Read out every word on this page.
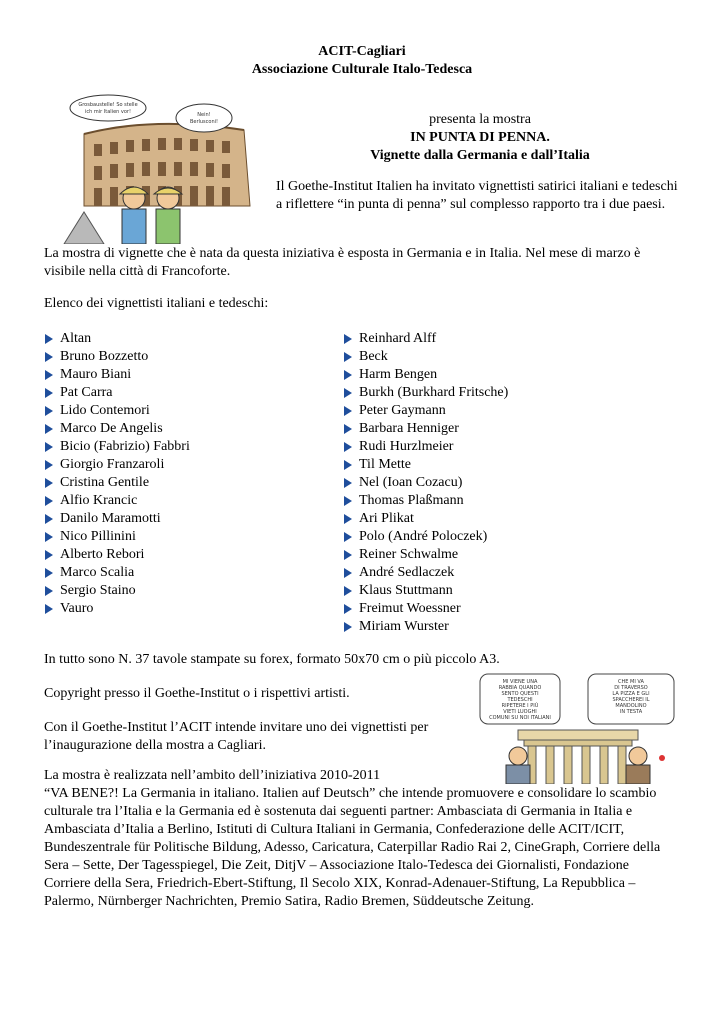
ACIT-Cagliari
Associazione Culturale Italo-Tedesca
Grosbaustelle! So stelle
ich mir Italien vor!	Nein!
Berlusconi!	presenta la mostra
IN PUNTA DI PENNA.
Vignette dalla Germania e dall’Italia

Il Goethe-Institut Italien ha invitato vignettisti satirici italiani e tedeschi a riflettere “in punta di penna” sul complesso rapporto tra i due paesi.

La mostra di vignette che è nata da questa iniziativa è esposta in Germania e in Italia. Nel mese di marzo è visibile nella città di Francoforte.

Elenco dei vignettisti italiani e tedeschi:

Altan
Bruno Bozzetto
Mauro Biani
Pat Carra
Lido Contemori
Marco De Angelis
Bicio (Fabrizio) Fabbri
Giorgio Franzaroli
Cristina Gentile
Alfio Krancic
Danilo Maramotti
Nico Pillinini
Alberto Rebori
Marco Scalia
Sergio Staino
Vauro
Reinhard Alff
Beck
Harm Bengen
Burkh (Burkhard Fritsche)
Peter Gaymann
Barbara Henniger
Rudi Hurzlmeier
Til Mette
Nel (Ioan Cozacu)
Thomas Plaßmann
Ari Plikat
Polo (André Poloczek)
Reiner Schwalme
André Sedlaczek
Klaus Stuttmann
Freimut Woessner
Miriam Wurster

In tutto sono N. 37 tavole stampate su forex, formato 50x70 cm o più piccolo A3.

Copyright presso il Goethe-Institut o i rispettivi artisti.

Con il Goethe-Institut l’ACIT intende invitare uno dei vignettisti per l’inaugurazione della mostra a Cagliari.

MI VIENE UNA
RABBIA QUANDO
SENTO QUESTI
TEDESCHI
RIPETERE I PIÙ
VIETI LUOGHI
COMUNI SU NOI ITALIANI
CHE MI VA
DI TRAVERSO
LA PIZZA E GLI
SPACCHEREI IL
MANDOLINO
IN TESTA

La mostra è realizzata nell’ambito dell’iniziativa 2010-2011

“VA BENE?! La Germania in italiano. Italien auf Deutsch” che intende promuovere e consolidare lo scambio culturale tra l’Italia e la Germania ed è sostenuta dai seguenti partner: Ambasciata di Germania in Italia e Ambasciata d’Italia a Berlino, Istituti di Cultura Italiani in Germania, Confederazione delle ACIT/ICIT, Bundeszentrale für Politische Bildung, Adesso, Caricatura, Caterpillar Radio Rai 2, CineGraph, Corriere della Sera – Sette, Der Tagesspiegel, Die Zeit, DitjV – Associazione Italo-Tedesca dei Giornalisti, Fondazione Corriere della Sera, Friedrich-Ebert-Stiftung, Il Secolo XIX, Konrad-Adenauer-Stiftung, La Repubblica – Palermo, Nürnberger Nachrichten, Premio Satira, Radio Bremen, Süddeutsche Zeitung.
